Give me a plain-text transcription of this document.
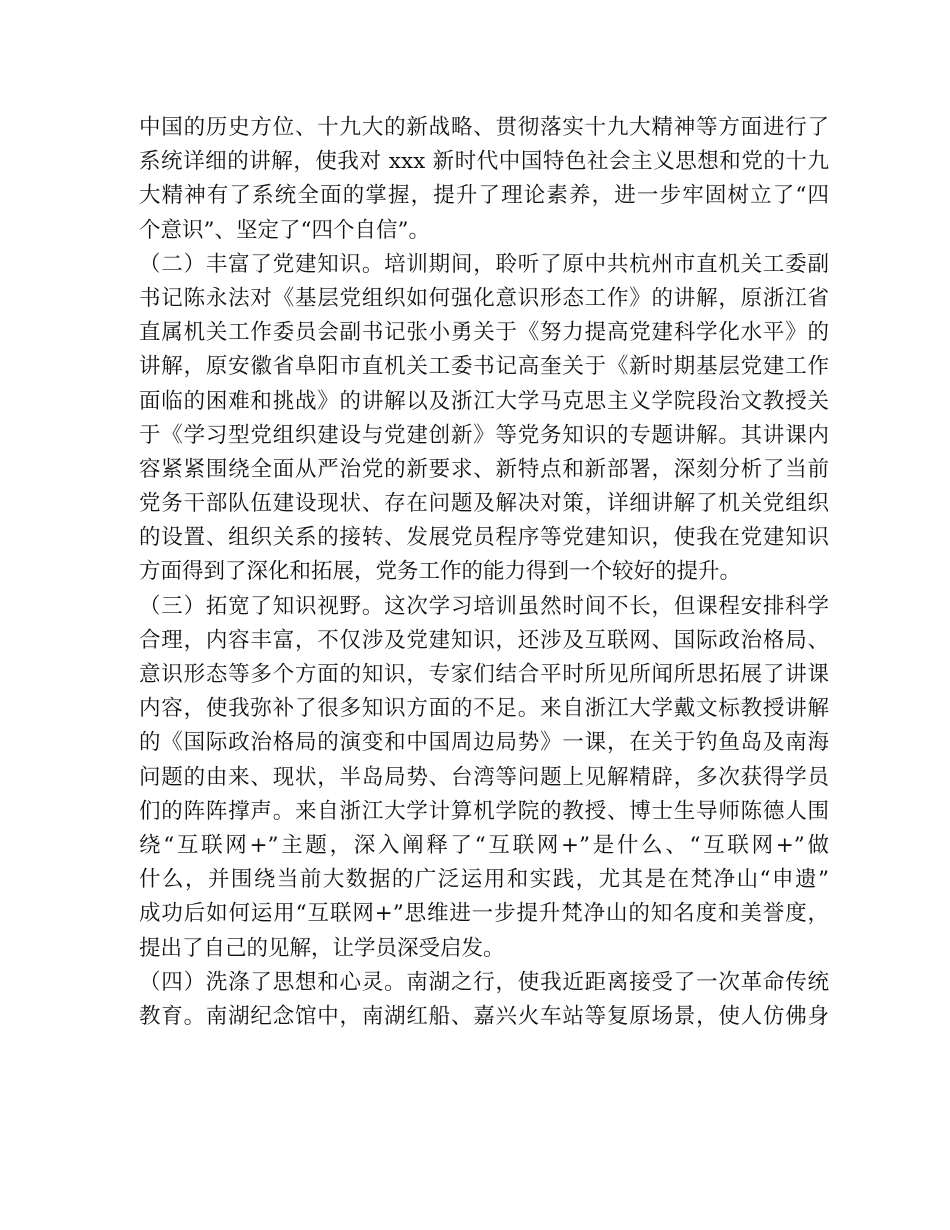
中国的历史方位、十九大的新战略、贯彻落实十九大精神等方面进行了
系统详细的讲解，使我对 xxx 新时代中国特色社会主义思想和党的十九
大精神有了系统全面的掌握，提升了理论素养，进一步牢固树立了“四
个意识”、坚定了“四个自信”。
（二）丰富了党建知识。培训期间，聆听了原中共杭州市直机关工委副
书记陈永法对《基层党组织如何强化意识形态工作》的讲解，原浙江省
直属机关工作委员会副书记张小勇关于《努力提高党建科学化水平》的
讲解，原安徽省阜阳市直机关工委书记高奎关于《新时期基层党建工作
面临的困难和挑战》的讲解以及浙江大学马克思主义学院段治文教授关
于《学习型党组织建设与党建创新》等党务知识的专题讲解。其讲课内
容紧紧围绕全面从严治党的新要求、新特点和新部署，深刻分析了当前
党务干部队伍建设现状、存在问题及解决对策，详细讲解了机关党组织
的设置、组织关系的接转、发展党员程序等党建知识，使我在党建知识
方面得到了深化和拓展，党务工作的能力得到一个较好的提升。
（三）拓宽了知识视野。这次学习培训虽然时间不长，但课程安排科学
合理，内容丰富，不仅涉及党建知识，还涉及互联网、国际政治格局、
意识形态等多个方面的知识，专家们结合平时所见所闻所思拓展了讲课
内容，使我弥补了很多知识方面的不足。来自浙江大学戴文标教授讲解
的《国际政治格局的演变和中国周边局势》一课，在关于钓鱼岛及南海
问题的由来、现状，半岛局势、台湾等问题上见解精辟，多次获得学员
们的阵阵撑声。来自浙江大学计算机学院的教授、博士生导师陈德人围
绕“互联网+”主题，深入阐释了“互联网+”是什么、“互联网+”做
什么，并围绕当前大数据的广泛运用和实践，尤其是在梵净山“申遗”
成功后如何运用“互联网+”思维进一步提升梵净山的知名度和美誉度，
提出了自己的见解，让学员深受启发。
（四）洗涤了思想和心灵。南湖之行，使我近距离接受了一次革命传统
教育。南湖纪念馆中，南湖红船、嘉兴火车站等复原场景，使人仿佛身
